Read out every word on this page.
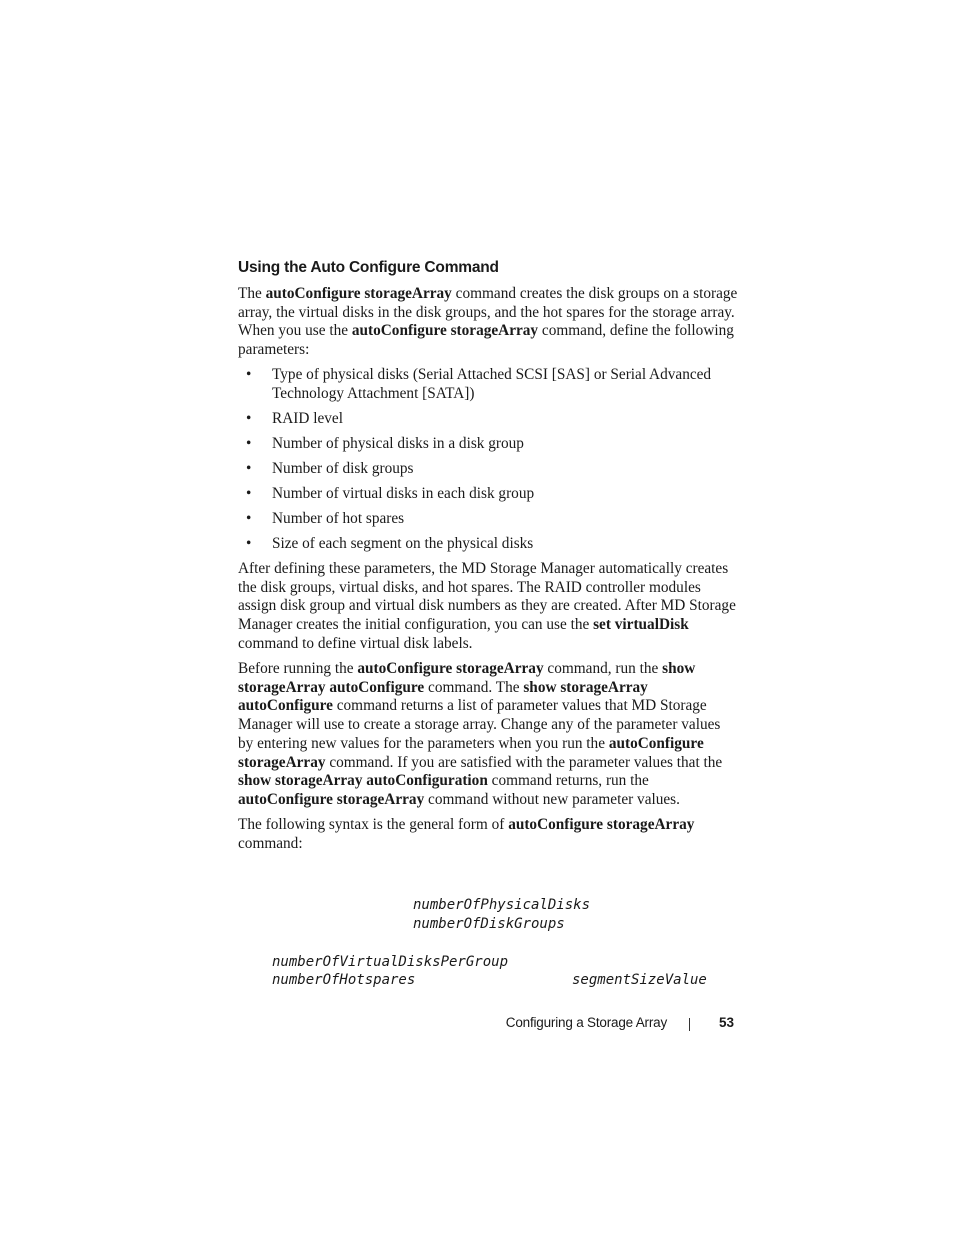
Using the Auto Configure Command

The autoConfigure storageArray command creates the disk groups on a storage array, the virtual disks in the disk groups, and the hot spares for the storage array. When you use the autoConfigure storageArray command, define the following parameters:

• Type of physical disks (Serial Attached SCSI [SAS] or Serial Advanced Technology Attachment [SATA])
• RAID level
• Number of physical disks in a disk group
• Number of disk groups
• Number of virtual disks in each disk group
• Number of hot spares
• Size of each segment on the physical disks

After defining these parameters, the MD Storage Manager automatically creates the disk groups, virtual disks, and hot spares. The RAID controller modules assign disk group and virtual disk numbers as they are created. After MD Storage Manager creates the initial configuration, you can use the set virtualDisk command to define virtual disk labels.

Before running the autoConfigure storageArray command, run the show storageArray autoConfigure command. The show storageArray autoConfigure command returns a list of parameter values that MD Storage Manager will use to create a storage array. Change any of the parameter values by entering new values for the parameters when you run the autoConfigure storageArray command. If you are satisfied with the parameter values that the show storageArray autoConfiguration command returns, run the autoConfigure storageArray command without new parameter values.

The following syntax is the general form of autoConfigure storageArray command:

numberOfPhysicalDisks
numberOfDiskGroups
numberOfVirtualDisksPerGroup
numberOfHotspares	segmentSizeValue
Configuring a Storage Array	53
